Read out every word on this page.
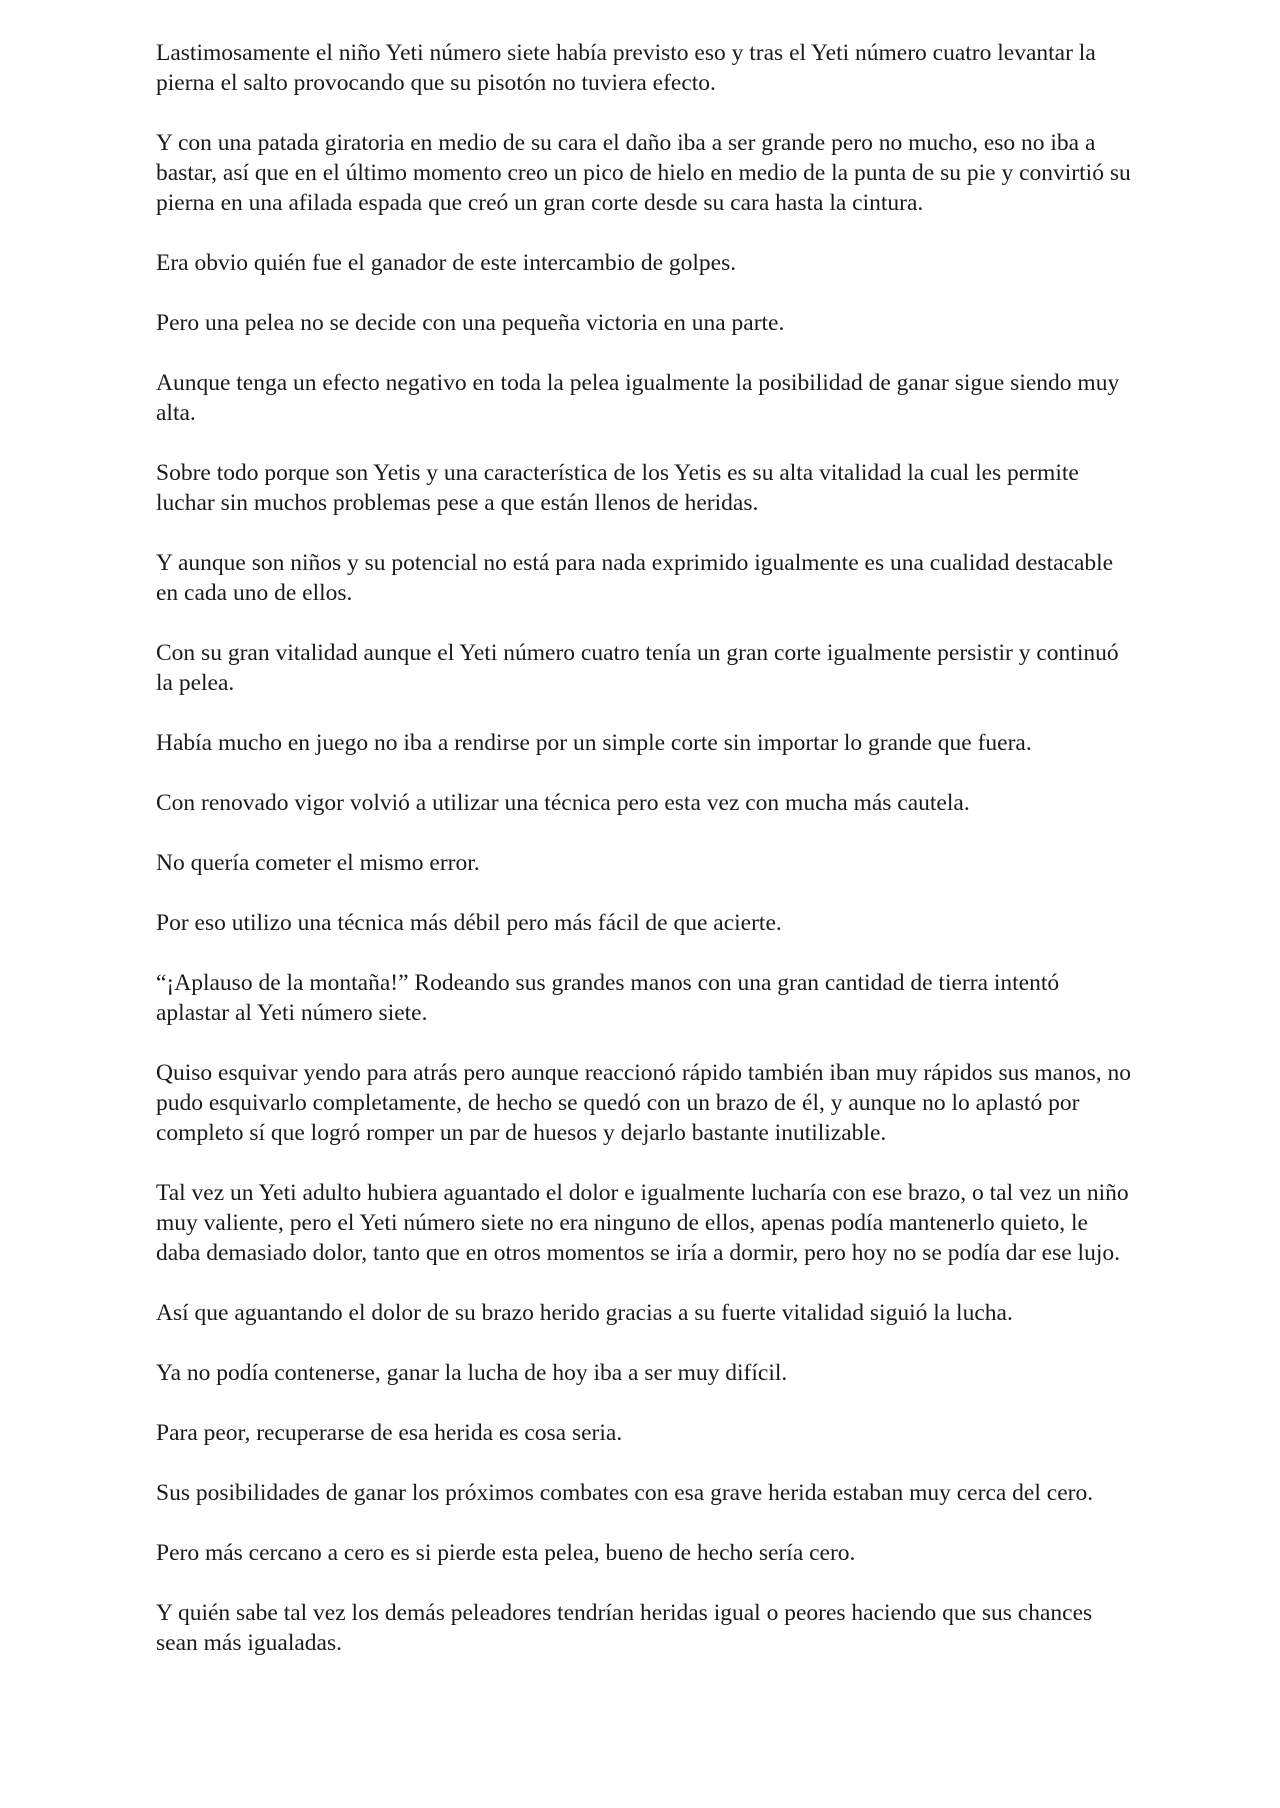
Lastimosamente el niño Yeti número siete había previsto eso y tras el Yeti número cuatro levantar la pierna el salto provocando que su pisotón no tuviera efecto.

Y con una patada giratoria en medio de su cara el daño iba a ser grande pero no mucho, eso no iba a bastar, así que en el último momento creo un pico de hielo en medio de la punta de su pie y convirtió su pierna en una afilada espada que creó un gran corte desde su cara hasta la cintura.

Era obvio quién fue el ganador de este intercambio de golpes.

Pero una pelea no se decide con una pequeña victoria en una parte.

Aunque tenga un efecto negativo en toda la pelea igualmente la posibilidad de ganar sigue siendo muy alta.

Sobre todo porque son Yetis y una característica de los Yetis es su alta vitalidad la cual les permite luchar sin muchos problemas pese a que están llenos de heridas.

Y aunque son niños y su potencial no está para nada exprimido igualmente es una cualidad destacable en cada uno de ellos.

Con su gran vitalidad aunque el Yeti número cuatro tenía un gran corte igualmente persistir y continuó la pelea.

Había mucho en juego no iba a rendirse por un simple corte sin importar lo grande que fuera.

Con renovado vigor volvió a utilizar una técnica pero esta vez con mucha más cautela.

No quería cometer el mismo error.

Por eso utilizo una técnica más débil pero más fácil de que acierte.

“¡Aplauso de la montaña!” Rodeando sus grandes manos con una gran cantidad de tierra intentó aplastar al Yeti número siete.

Quiso esquivar yendo para atrás pero aunque reaccionó rápido también iban muy rápidos sus manos, no pudo esquivarlo completamente, de hecho se quedó con un brazo de él, y aunque no lo aplastó por completo sí que logró romper un par de huesos y dejarlo bastante inutilizable.

Tal vez un Yeti adulto hubiera aguantado el dolor e igualmente lucharía con ese brazo, o tal vez un niño muy valiente, pero el Yeti número siete no era ninguno de ellos, apenas podía mantenerlo quieto, le daba demasiado dolor, tanto que en otros momentos se iría a dormir, pero hoy no se podía dar ese lujo.

Así que aguantando el dolor de su brazo herido gracias a su fuerte vitalidad siguió la lucha.

Ya no podía contenerse, ganar la lucha de hoy iba a ser muy difícil.

Para peor, recuperarse de esa herida es cosa seria.

Sus posibilidades de ganar los próximos combates con esa grave herida estaban muy cerca del cero.

Pero más cercano a cero es si pierde esta pelea, bueno de hecho sería cero.

Y quién sabe tal vez los demás peleadores tendrían heridas igual o peores haciendo que sus chances sean más igualadas.
